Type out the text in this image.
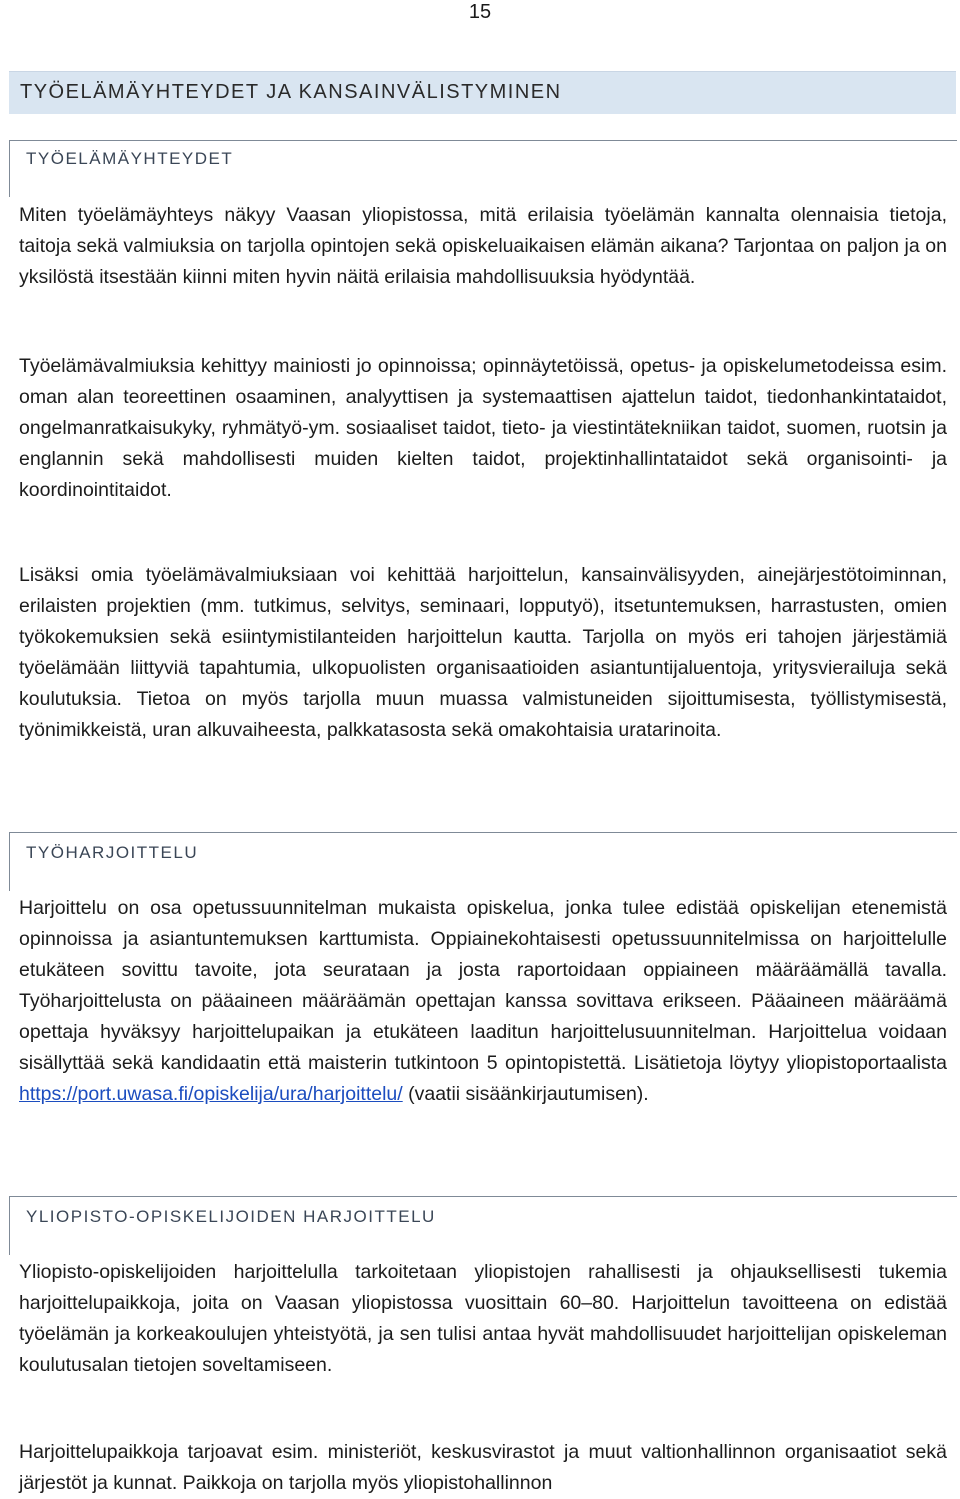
15
TYÖELÄMÄYHTEYDET JA KANSAINVÄLISTYMINEN
TYÖELÄMÄYHTEYDET
Miten työelämäyhteys näkyy Vaasan yliopistossa, mitä erilaisia työelämän kannalta olennaisia tietoja, taitoja sekä valmiuksia on tarjolla opintojen sekä opiskeluaikaisen elämän aikana? Tarjontaa on paljon ja on yksilöstä itsestään kiinni miten hyvin näitä erilaisia mahdollisuuksia hyödyntää.
Työelämävalmiuksia kehittyy mainiosti jo opinnoissa; opinnäytetöissä, opetus- ja opiskelumetodeissa esim. oman alan teoreettinen osaaminen, analyyttisen ja systemaattisen ajattelun taidot, tiedonhankintataidot, ongelmanratkaisukyky, ryhmätyö-ym. sosiaaliset taidot, tieto- ja viestintätekniikan taidot, suomen, ruotsin ja englannin sekä mahdollisesti muiden kielten taidot, projektinhallintataidot sekä organisointi- ja koordinointitaidot.
Lisäksi omia työelämävalmiuksiaan voi kehittää harjoittelun, kansainvälisyyden, ainejärjestötoiminnan, erilaisten projektien (mm. tutkimus, selvitys, seminaari, lopputyö), itsetuntemuksen, harrastusten, omien työkokemuksien sekä esiintymistilanteiden harjoittelun kautta. Tarjolla on myös eri tahojen järjestämiä työelämään liittyviä tapahtumia, ulkopuolisten organisaatioiden asiantuntijaluentoja, yritysvierailuja sekä koulutuksia. Tietoa on myös tarjolla muun muassa valmistuneiden sijoittumisesta, työllistymisestä, työnimikkeistä, uran alkuvaiheesta, palkkatasosta sekä omakohtaisia uratarinoita.
TYÖHARJOITTELU
Harjoittelu on osa opetussuunnitelman mukaista opiskelua, jonka tulee edistää opiskelijan etenemistä opinnoissa ja asiantuntemuksen karttumista. Oppiainekohtaisesti opetussuunnitelmissa on harjoittelulle etukäteen sovittu tavoite, jota seurataan ja josta raportoidaan oppiaineen määräämällä tavalla. Työharjoittelusta on pääaineen määräämän opettajan kanssa sovittava erikseen. Pääaineen määräämä opettaja hyväksyy harjoittelupaikan ja etukäteen laaditun harjoittelusuunnitelman. Harjoittelua voidaan sisällyttää sekä kandidaatin että maisterin tutkintoon 5 opintopistettä. Lisätietoja löytyy yliopistoportaalista https://port.uwasa.fi/opiskelija/ura/harjoittelu/ (vaatii sisäänkirjautumisen).
YLIOPISTO-OPISKELIJOIDEN HARJOITTELU
Yliopisto-opiskelijoiden harjoittelulla tarkoitetaan yliopistojen rahallisesti ja ohjauksellisesti tukemia harjoittelupaikkoja, joita on Vaasan yliopistossa vuosittain 60–80. Harjoittelun tavoitteena on edistää työelämän ja korkeakoulujen yhteistyötä, ja sen tulisi antaa hyvät mahdollisuudet harjoittelijan opiskeleman koulutusalan tietojen soveltamiseen.
Harjoittelupaikkoja tarjoavat esim. ministeriöt, keskusvirastot ja muut valtionhallinnon organisaatiot sekä järjestöt ja kunnat. Paikkoja on tarjolla myös yliopistohallinnon
